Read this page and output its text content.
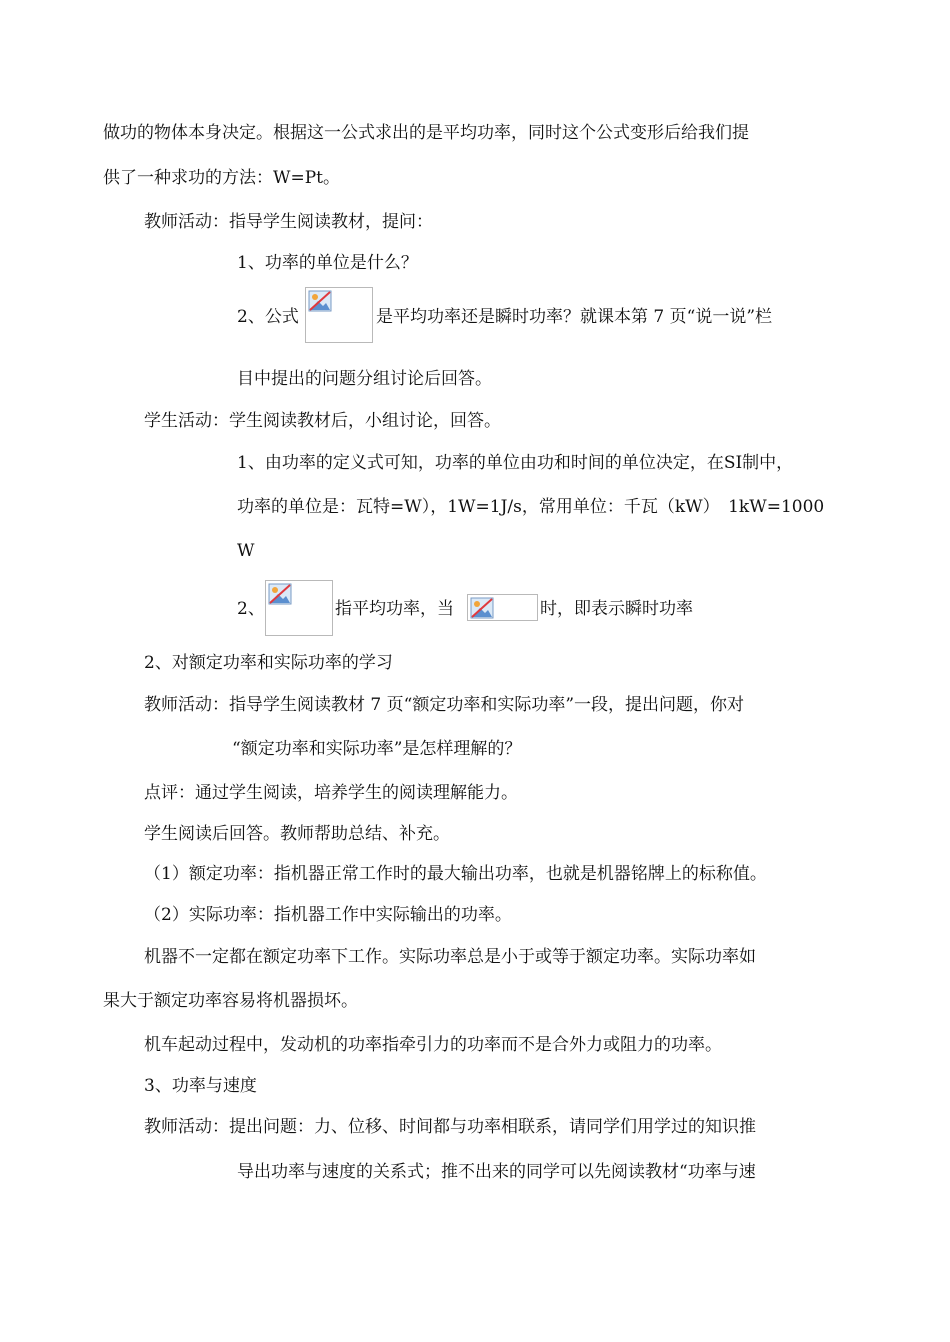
做功的物体本身决定。根据这一公式求出的是平均功率，同时这个公式变形后给我们提
供了一种求功的方法：W=Pt。
教师活动：指导学生阅读教材，提问：
1、功率的单位是什么？
2、公式	是平均功率还是瞬时功率？就课本第 7 页“说一说”栏
目中提出的问题分组讨论后回答。
学生活动：学生阅读教材后，小组讨论，回答。
1、由功率的定义式可知，功率的单位由功和时间的单位决定，在SI制中，
功率的单位是：瓦特=W），1W=1J/s，常用单位：千瓦（kW）　1kW=1000
W
2、	指平均功率，当	时，即表示瞬时功率
2、对额定功率和实际功率的学习
教师活动：指导学生阅读教材 7 页“额定功率和实际功率”一段，提出问题，你对
“额定功率和实际功率”是怎样理解的？
点评：通过学生阅读，培养学生的阅读理解能力。
学生阅读后回答。教师帮助总结、补充。
（1）额定功率：指机器正常工作时的最大输出功率，也就是机器铭牌上的标称值。
（2）实际功率：指机器工作中实际输出的功率。
机器不一定都在额定功率下工作。实际功率总是小于或等于额定功率。实际功率如
果大于额定功率容易将机器损坏。
机车起动过程中，发动机的功率指牵引力的功率而不是合外力或阻力的功率。
3、功率与速度
教师活动：提出问题：力、位移、时间都与功率相联系，请同学们用学过的知识推
导出功率与速度的关系式；推不出来的同学可以先阅读教材“功率与速
